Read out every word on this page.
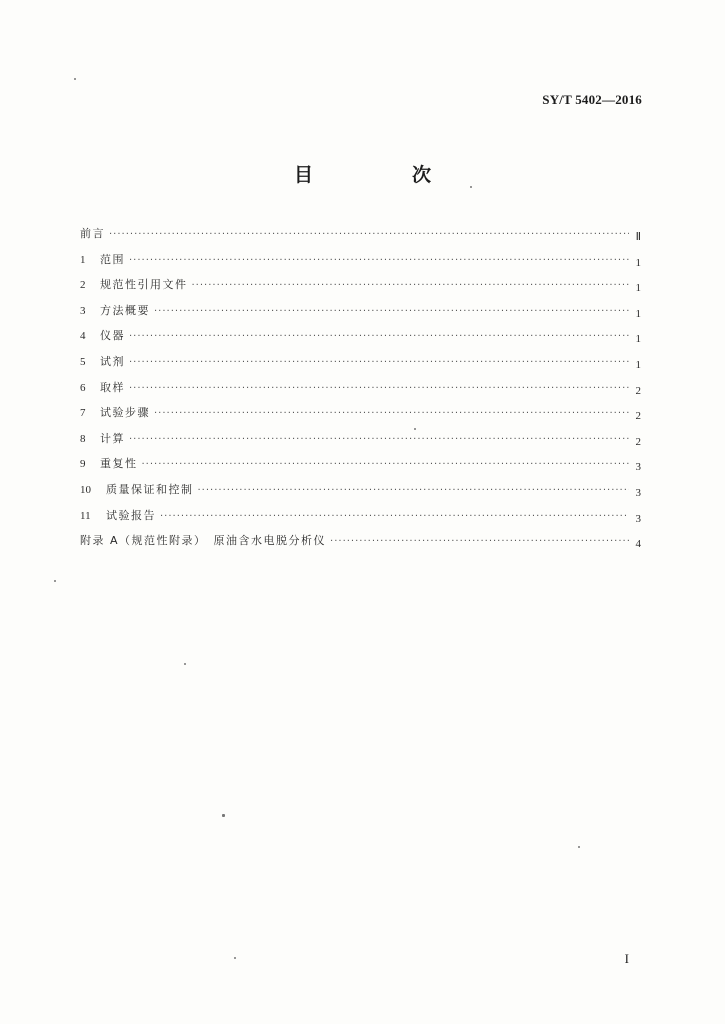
SY/T 5402—2016
目　次
前言 ·····	Ⅱ
1	范围 ·····	1
2	规范性引用文件 ·····	1
3	方法概要 ·····	1
4	仪器 ·····	1
5	试剂 ·····	1
6	取样 ·····	2
7	试验步骤 ·····	2
8	计算 ·····	2
9	重复性 ·····	3
10	质量保证和控制 ·····	3
11	试验报告 ·····	3
附录 A（规范性附录）　原油含水电脱分析仪 ·····	4
I
